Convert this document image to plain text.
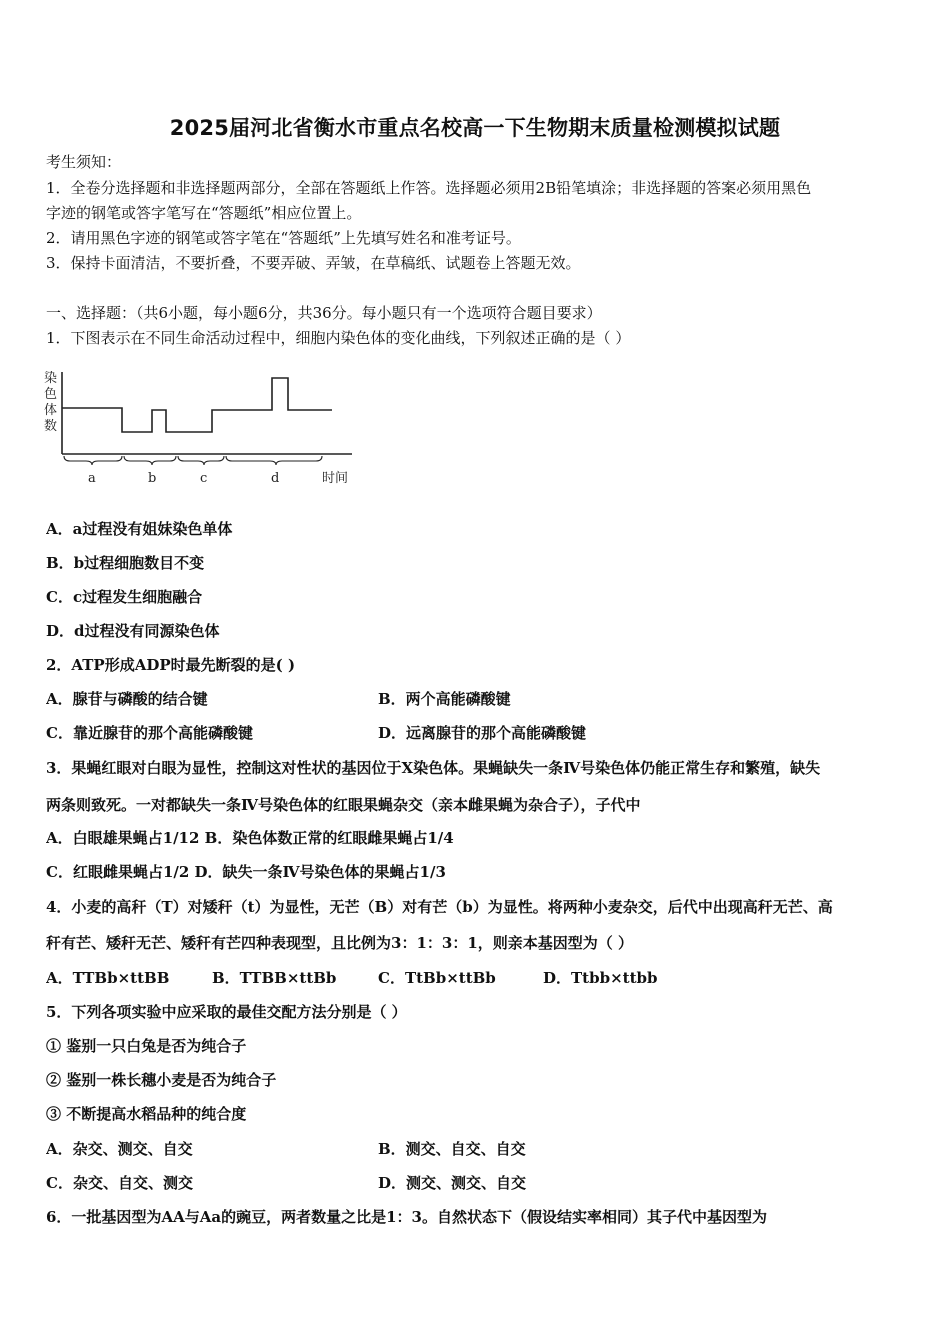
2025届河北省衡水市重点名校高一下生物期末质量检测模拟试题
考生须知：
1．全卷分选择题和非选择题两部分，全部在答题纸上作答。选择题必须用2B铅笔填涂；非选择题的答案必须用黑色
字迹的钢笔或答字笔写在“答题纸”相应位置上。
2．请用黑色字迹的钢笔或答字笔在“答题纸”上先填写姓名和准考证号。
3．保持卡面清洁，不要折叠，不要弄破、弄皱，在草稿纸、试题卷上答题无效。
一、选择题：（共6小题，每小题6分，共36分。每小题只有一个选项符合题目要求）
1．下图表示在不同生命活动过程中，细胞内染色体的变化曲线，下列叙述正确的是（ ）
染
色
体
数
a	b	c	d	时间
A．a过程没有姐妹染色单体
B．b过程细胞数目不变
C．c过程发生细胞融合
D．d过程没有同源染色体
2．ATP形成ADP时最先断裂的是( )
A．腺苷与磷酸的结合键	B．两个高能磷酸键
C．靠近腺苷的那个高能磷酸键	D．远离腺苷的那个高能磷酸键
3．果蝇红眼对白眼为显性，控制这对性状的基因位于X染色体。果蝇缺失一条Ⅳ号染色体仍能正常生存和繁殖，缺失
两条则致死。一对都缺失一条Ⅳ号染色体的红眼果蝇杂交（亲本雌果蝇为杂合子），子代中
A．白眼雄果蝇占1/12 B．染色体数正常的红眼雌果蝇占1/4
C．红眼雌果蝇占1/2 D．缺失一条Ⅳ号染色体的果蝇占1/3
4．小麦的高秆（T）对矮秆（t）为显性，无芒（B）对有芒（b）为显性。将两种小麦杂交，后代中出现高秆无芒、高
秆有芒、矮秆无芒、矮秆有芒四种表现型，且比例为3：1：3：1，则亲本基因型为（ ）
A．TTBb×ttBB	B．TTBB×ttBb	C．TtBb×ttBb	D．Ttbb×ttbb
5．下列各项实验中应采取的最佳交配方法分别是（ ）
① 鉴别一只白兔是否为纯合子
② 鉴别一株长穗小麦是否为纯合子
③ 不断提高水稻品种的纯合度
A．杂交、测交、自交	B．测交、自交、自交
C．杂交、自交、测交	D．测交、测交、自交
6．一批基因型为AA与Aa的豌豆，两者数量之比是1：3。自然状态下（假设结实率相同）其子代中基因型为
